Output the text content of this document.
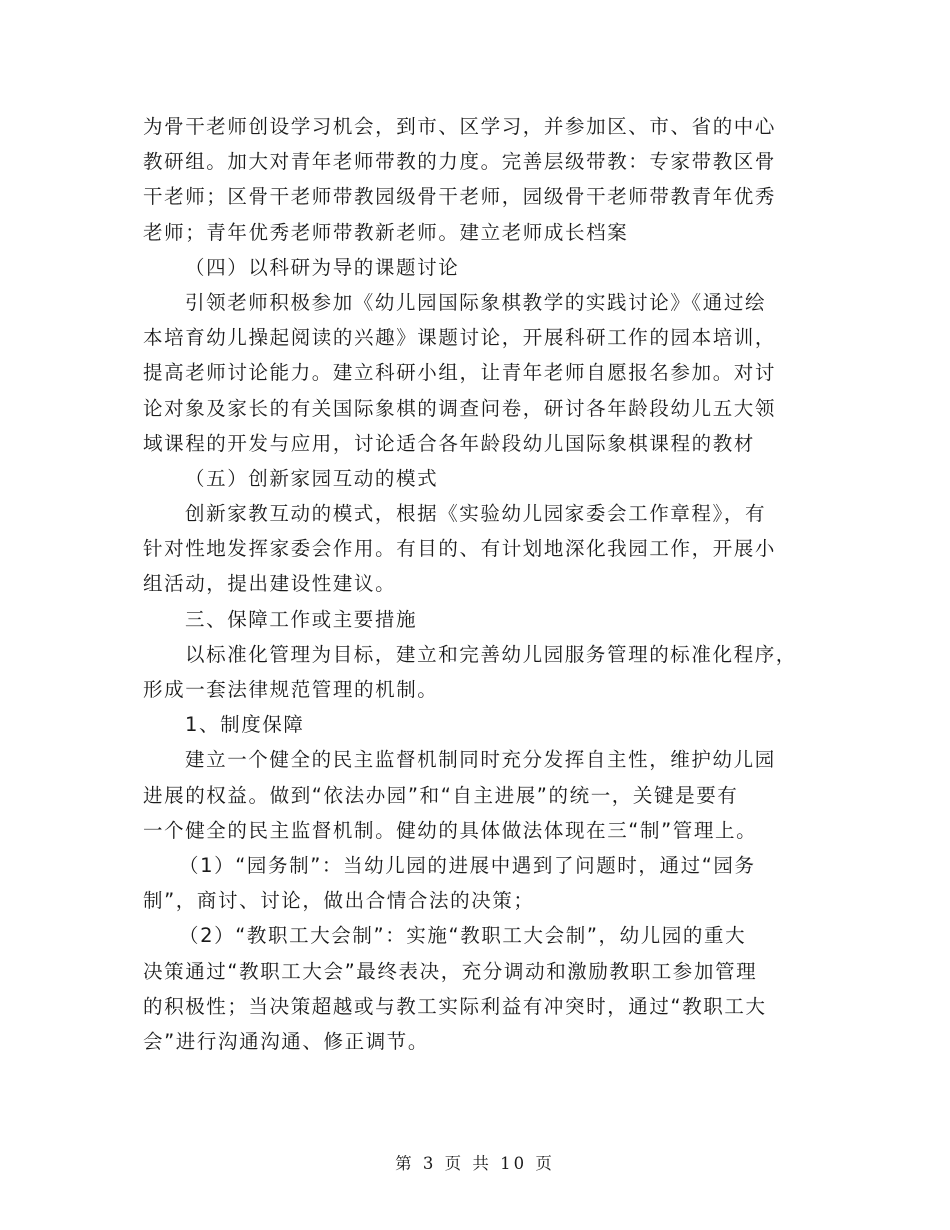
为骨干老师创设学习机会，到市、区学习，并参加区、市、省的中心
教研组。加大对青年老师带教的力度。完善层级带教：专家带教区骨
干老师；区骨干老师带教园级骨干老师，园级骨干老师带教青年优秀
老师；青年优秀老师带教新老师。建立老师成长档案
（四）以科研为导的课题讨论
引领老师积极参加《幼儿园国际象棋教学的实践讨论》《通过绘
本培育幼儿操起阅读的兴趣》课题讨论，开展科研工作的园本培训，
提高老师讨论能力。建立科研小组，让青年老师自愿报名参加。对讨
论对象及家长的有关国际象棋的调查问卷，研讨各年龄段幼儿五大领
域课程的开发与应用，讨论适合各年龄段幼儿国际象棋课程的教材
（五）创新家园互动的模式
创新家教互动的模式，根据《实验幼儿园家委会工作章程》，有
针对性地发挥家委会作用。有目的、有计划地深化我园工作，开展小
组活动，提出建设性建议。
三、保障工作或主要措施
以标准化管理为目标，建立和完善幼儿园服务管理的标准化程序，
形成一套法律规范管理的机制。
1、制度保障
建立一个健全的民主监督机制同时充分发挥自主性，维护幼儿园
进展的权益。做到“依法办园”和“自主进展”的统一，关键是要有
一个健全的民主监督机制。健幼的具体做法体现在三“制”管理上。
（1）“园务制”：当幼儿园的进展中遇到了问题时，通过“园务
制”，商讨、讨论，做出合情合法的决策；
（2）“教职工大会制”：实施“教职工大会制”，幼儿园的重大
决策通过“教职工大会”最终表决，充分调动和激励教职工参加管理
的积极性；当决策超越或与教工实际利益有冲突时，通过“教职工大
会”进行沟通沟通、修正调节。
第 3 页 共 10 页
